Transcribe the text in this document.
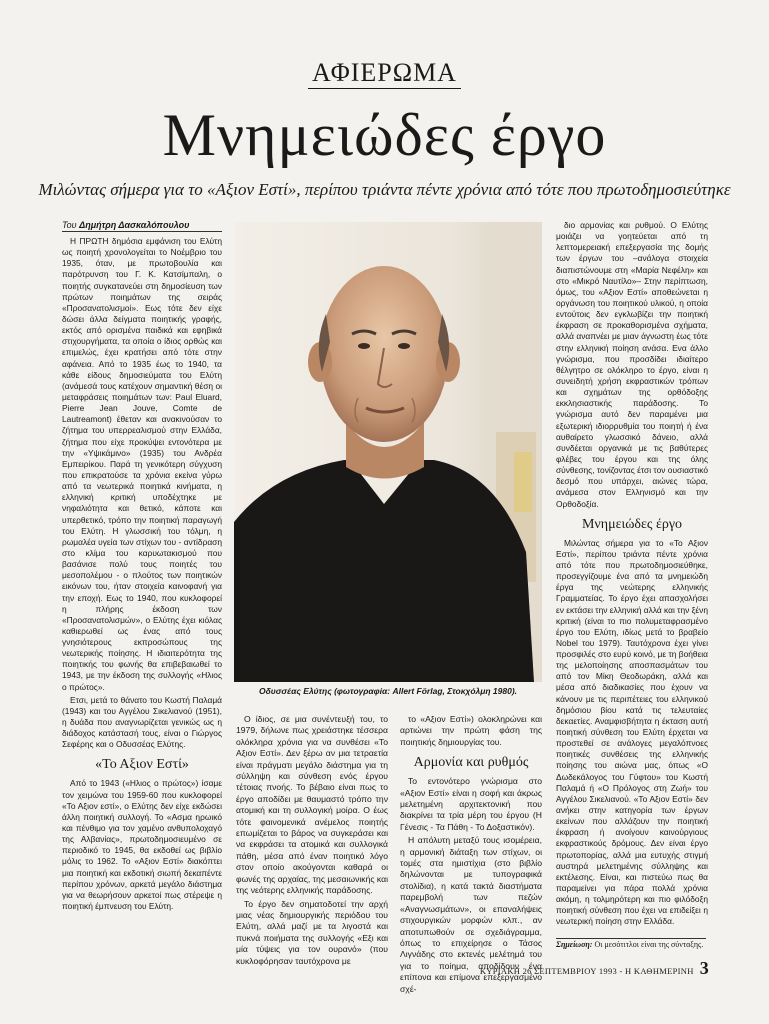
ΑΦΙΕΡΩΜΑ
Μνημειώδες έργο
Μιλώντας σήμερα για το «Αξιον Εστί», περίπου τριάντα πέντε χρόνια από τότε που πρωτοδημοσιεύτηκε
Του Δημήτρη Δασκαλόπουλου

Η ΠΡΩΤΗ δημόσια εμφάνιση του Ελύτη ως ποιητή χρονολογείται το Νοέμβριο του 1935, όταν, με πρωτοβουλία και παρότρυνση του Γ. Κ. Κατσίμπαλη, ο ποιητής συγκατανεύει στη δημοσίευση των πρώτων ποιημάτων της σειράς «Προσανατολισμοί». Εως τότε δεν είχε δώσει άλλα δείγματα ποιητικής γραφής, εκτός από ορισμένα παιδικά και εφηβικά στιχουργήματα, τα οποία ο ίδιος ορθώς και επιμελώς, έχει κρατήσει από τότε στην αφάνεια. Από το 1935 έως το 1940, τα κάθε είδους δημοσιεύματα του Ελύτη (ανάμεσά τους κατέχουν σημαντική θέση οι μεταφράσεις ποιημάτων των: Paul Eluard, Pierre Jean Jouve, Comte de Lautreamont) έθεταν και ανακινούσαν το ζήτημα του υπερρεαλισμού στην Ελλάδα, ζήτημα που είχε προκύψει εντονότερα με την «Υψικάμινο» (1935) του Ανδρέα Εμπειρίκου. Παρά τη γενικότερη σύγχυση που επικρατούσε τα χρόνια εκείνα γύρω από τα νεωτερικά ποιητικά κινήματα, η ελληνική κριτική υποδέχτηκε με νηφαλιότητα και θετικό, κάποτε και υπερθετικό, τρόπο την ποιητική παραγωγή του Ελύτη. Η γλωσσική του τόλμη, η ρωμαλέα υγεία των στίχων του - αντίδραση στο κλίμα του καρυωτακισμού που βασάνισε πολύ τους ποιητές του μεσοπολέμου - ο πλούτος των ποιητικών εικόνων του, ήταν στοιχεία καινοφανή για την εποχή. Εως το 1940, που κυκλοφορεί η πλήρης έκδοση των «Προσανατολισμών», ο Ελύτης έχει κιόλας καθιερωθεί ως ένας από τους γνησιότερους εκπροσώπους της νεωτερικής ποίησης. Η ιδιαιτερότητα της ποιητικής του φωνής θα επιβεβαιωθεί το 1943, με την έκδοση της συλλογής «Ηλιος ο πρώτος».

Ετσι, μετά το θάνατο του Κωστή Παλαμά (1943) και του Αγγέλου Σικελιανού (1951), η δυάδα που αναγνωρίζεται γενικώς ως η διάδοχος κατάστασή τους, είναι ο Γιώργος Σεφέρης και ο Οδυσσέας Ελύτης.

«Το Αξιον Εστί»

Από το 1943 («Ηλιος ο πρώτος») ίσαμε τον χειμώνα του 1959-60 που κυκλοφορεί «Το Αξιον εστί», ο Ελύτης δεν είχε εκδώσει άλλη ποιητική συλλογή. Το «Ασμα ηρωικό και πένθιμο για τον χαμένο ανθυπολοχαγό της Αλβανίας», πρωτοδημοσιευμένο σε περιοδικό το 1945, θα εκδοθεί ως βιβλίο μόλις το 1962. Το «Αξιον Εστί» διακόπτει μια ποιητική και εκδοτική σιωπή δεκαπέντε περίπου χρόνων, αρκετά μεγάλο διάστημα για να θεωρήσουν αρκετοί πως στέρεψε η ποιητική έμπνευση του Ελύτη.

Οδυσσέας Ελύτης (φωτογραφία: Allert Förlag, Στοκχόλμη 1980).

Ο ίδιος, σε μια συνέντευξή του, το 1979, δήλωνε πως χρειάστηκε τέσσερα ολόκληρα χρόνια για να συνθέσει «Το Αξιον Εστί». Δεν ξέρω αν μια τετραετία είναι πράγματι μεγάλο διάστημα για τη σύλληψη και σύνθεση ενός έργου τέτοιας πνοής. Το βέβαιο είναι πως το έργο αποδίδει με θαυμαστό τρόπο την ατομική και τη συλλογική μοίρα. Ο έως τότε φαινομενικά ανέμελος ποιητής επωμίζεται το βάρος να συγκεράσει και να εκφράσει τα ατομικά και συλλογικά πάθη, μέσα από έναν ποιητικό λόγο στον οποίο ακούγονται καθαρά οι φωνές της αρχαίας, της μεσαιωνικής και της νεότερης ελληνικής παράδοσης.

Το έργο δεν σηματοδοτεί την αρχή μιας νέας δημιουργικής περιόδου του Ελύτη, αλλά μαζί με τα λιγοστά και πυκνά ποιήματα της συλλογής «Εξι και μία τύψεις για τον ουρανό» (που κυκλοφόρησαν ταυτόχρονα με

το «Αξιον Εστί») ολοκληρώνει και αρτιώνει την πρώτη φάση της ποιητικής δημιουργίας του.

Αρμονία και ρυθμός

Το εντονότερο γνώρισμα στο «Αξιον Εστί» είναι η σοφή και άκρως μελετημένη αρχιτεκτονική που διακρίνει τα τρία μέρη του έργου (Η Γένεσις - Τα Πάθη - Το Δοξαστικόν).

Η απόλυτη μεταξύ τους ισομέρεια, η αρμονική διάταξη των στίχων, οι τομές στα ημιστίχια (στο βιβλίο δηλώνονται με τυπογραφικά στολίδια), η κατά τακτά διαστήματα παρεμβολή των πεζών «Αναγνωσμάτων», οι επαναλήψεις στιχουργικών μορφών κλπ., αν αποτυπωθούν σε σχεδιάγραμμα, όπως το επιχείρησε ο Τάσος Λιγνάδης στο εκτενές μελέτημά του για το ποίημα, αποδίδουν ένα επίπονα και επίμονα επεξεργασμένο σχέ-

διο αρμονίας και ρυθμού. Ο Ελύτης μοιάζει να γοητεύεται από τη λεπτομερειακή επεξεργασία της δομής των έργων του –ανάλογα στοιχεία διαπιστώνουμε στη «Μαρία Νεφέλη» και στο «Μικρό Ναυτίλο»– Στην περίπτωση, όμως, του «Αξιον Εστί» αποθεώνεται η οργάνωση του ποιητικού υλικού, η οποία εντούτοις δεν εγκλωβίζει την ποιητική έκφραση σε προκαθορισμένα σχήματα, αλλά αναπνέει με μιαν άγνωστη έως τότε στην ελληνική ποίηση ανάσα. Ενα άλλο γνώρισμα, που προσδίδει ιδιαίτερο θέλγητρο σε ολόκληρο το έργο, είναι η συνειδητή χρήση εκφραστικών τρόπων και σχημάτων της ορθόδοξης εκκλησιαστικής παράδοσης. Το γνώρισμα αυτό δεν παραμένει μια εξωτερική ιδιορρυθμία του ποιητή ή ένα αυθαίρετο γλωσσικό δάνειο, αλλά συνδέεται οργανικά με τις βαθύτερες φλέβες του έργου και της όλης σύνθεσης, τονίζοντας έτσι τον ουσιαστικό δεσμό που υπάρχει, αιώνες τώρα, ανάμεσα στον Ελληνισμό και την Ορθοδοξία.

Μνημειώδες έργο

Μιλώντας σήμερα για το «Το Αξιον Εστί», περίπου τριάντα πέντε χρόνια από τότε που πρωτοδημοσιεύθηκε, προσεγγίζουμε ένα από τα μνημειώδη έργα της νεώτερης ελληνικής Γραμματείας. Το έργο έχει απασχολήσει εν εκτάσει την ελληνική αλλά και την ξένη κριτική (είναι το πιο πολυμεταφρασμένο έργο του Ελύτη, ιδίως μετά το βραβείο Nobel του 1979). Ταυτόχρονα έχει γίνει προσφιλές στο ευρύ κοινό, με τη βοήθεια της μελοποίησης αποσπασμάτων του από τον Μίκη Θεοδωράκη, αλλά και μέσα από διαδικασίες που έχουν να κάνουν με τις περιπέτειες του ελληνικού δημόσιου βίου κατά τις τελευταίες δεκαετίες. Αναμφισβήτητα η έκταση αυτή ποιητική σύνθεση του Ελύτη έρχεται να προστεθεί σε ανάλογες μεγαλόπνοες ποιητικές συνθέσεις της ελληνικής ποίησης του αιώνα μας, όπως «Ο Δωδεκάλογος του Γύφτου» του Κωστή Παλαμά ή «Ο Πρόλογος στη Ζωή» του Αγγέλου Σικελιανού. «Το Αξιον Εστί» δεν ανήκει στην κατηγορία των έργων εκείνων που αλλάζουν την ποιητική έκφραση ή ανοίγουν καινούργιους εκφραστικούς δρόμους. Δεν είναι έργο πρωτοπορίας, αλλά μια ευτυχής στιγμή αυστηρά μελετημένης σύλληψης και εκτέλεσης. Είναι, και πιστεύω πως θα παραμείνει για πάρα πολλά χρόνια ακόμη, η τολμηρότερη και πιο φιλόδοξη ποιητική σύνθεση που έχει να επιδείξει η νεωτερική ποίηση στην Ελλάδα.

Σημείωση: Οι μεσότιτλοι είναι της σύνταξης.
ΚΥΡΙΑΚΗ 26 ΣΕΠΤΕΜΒΡΙΟΥ 1993 - Η ΚΑΘΗΜΕΡΙΝΗ 3
